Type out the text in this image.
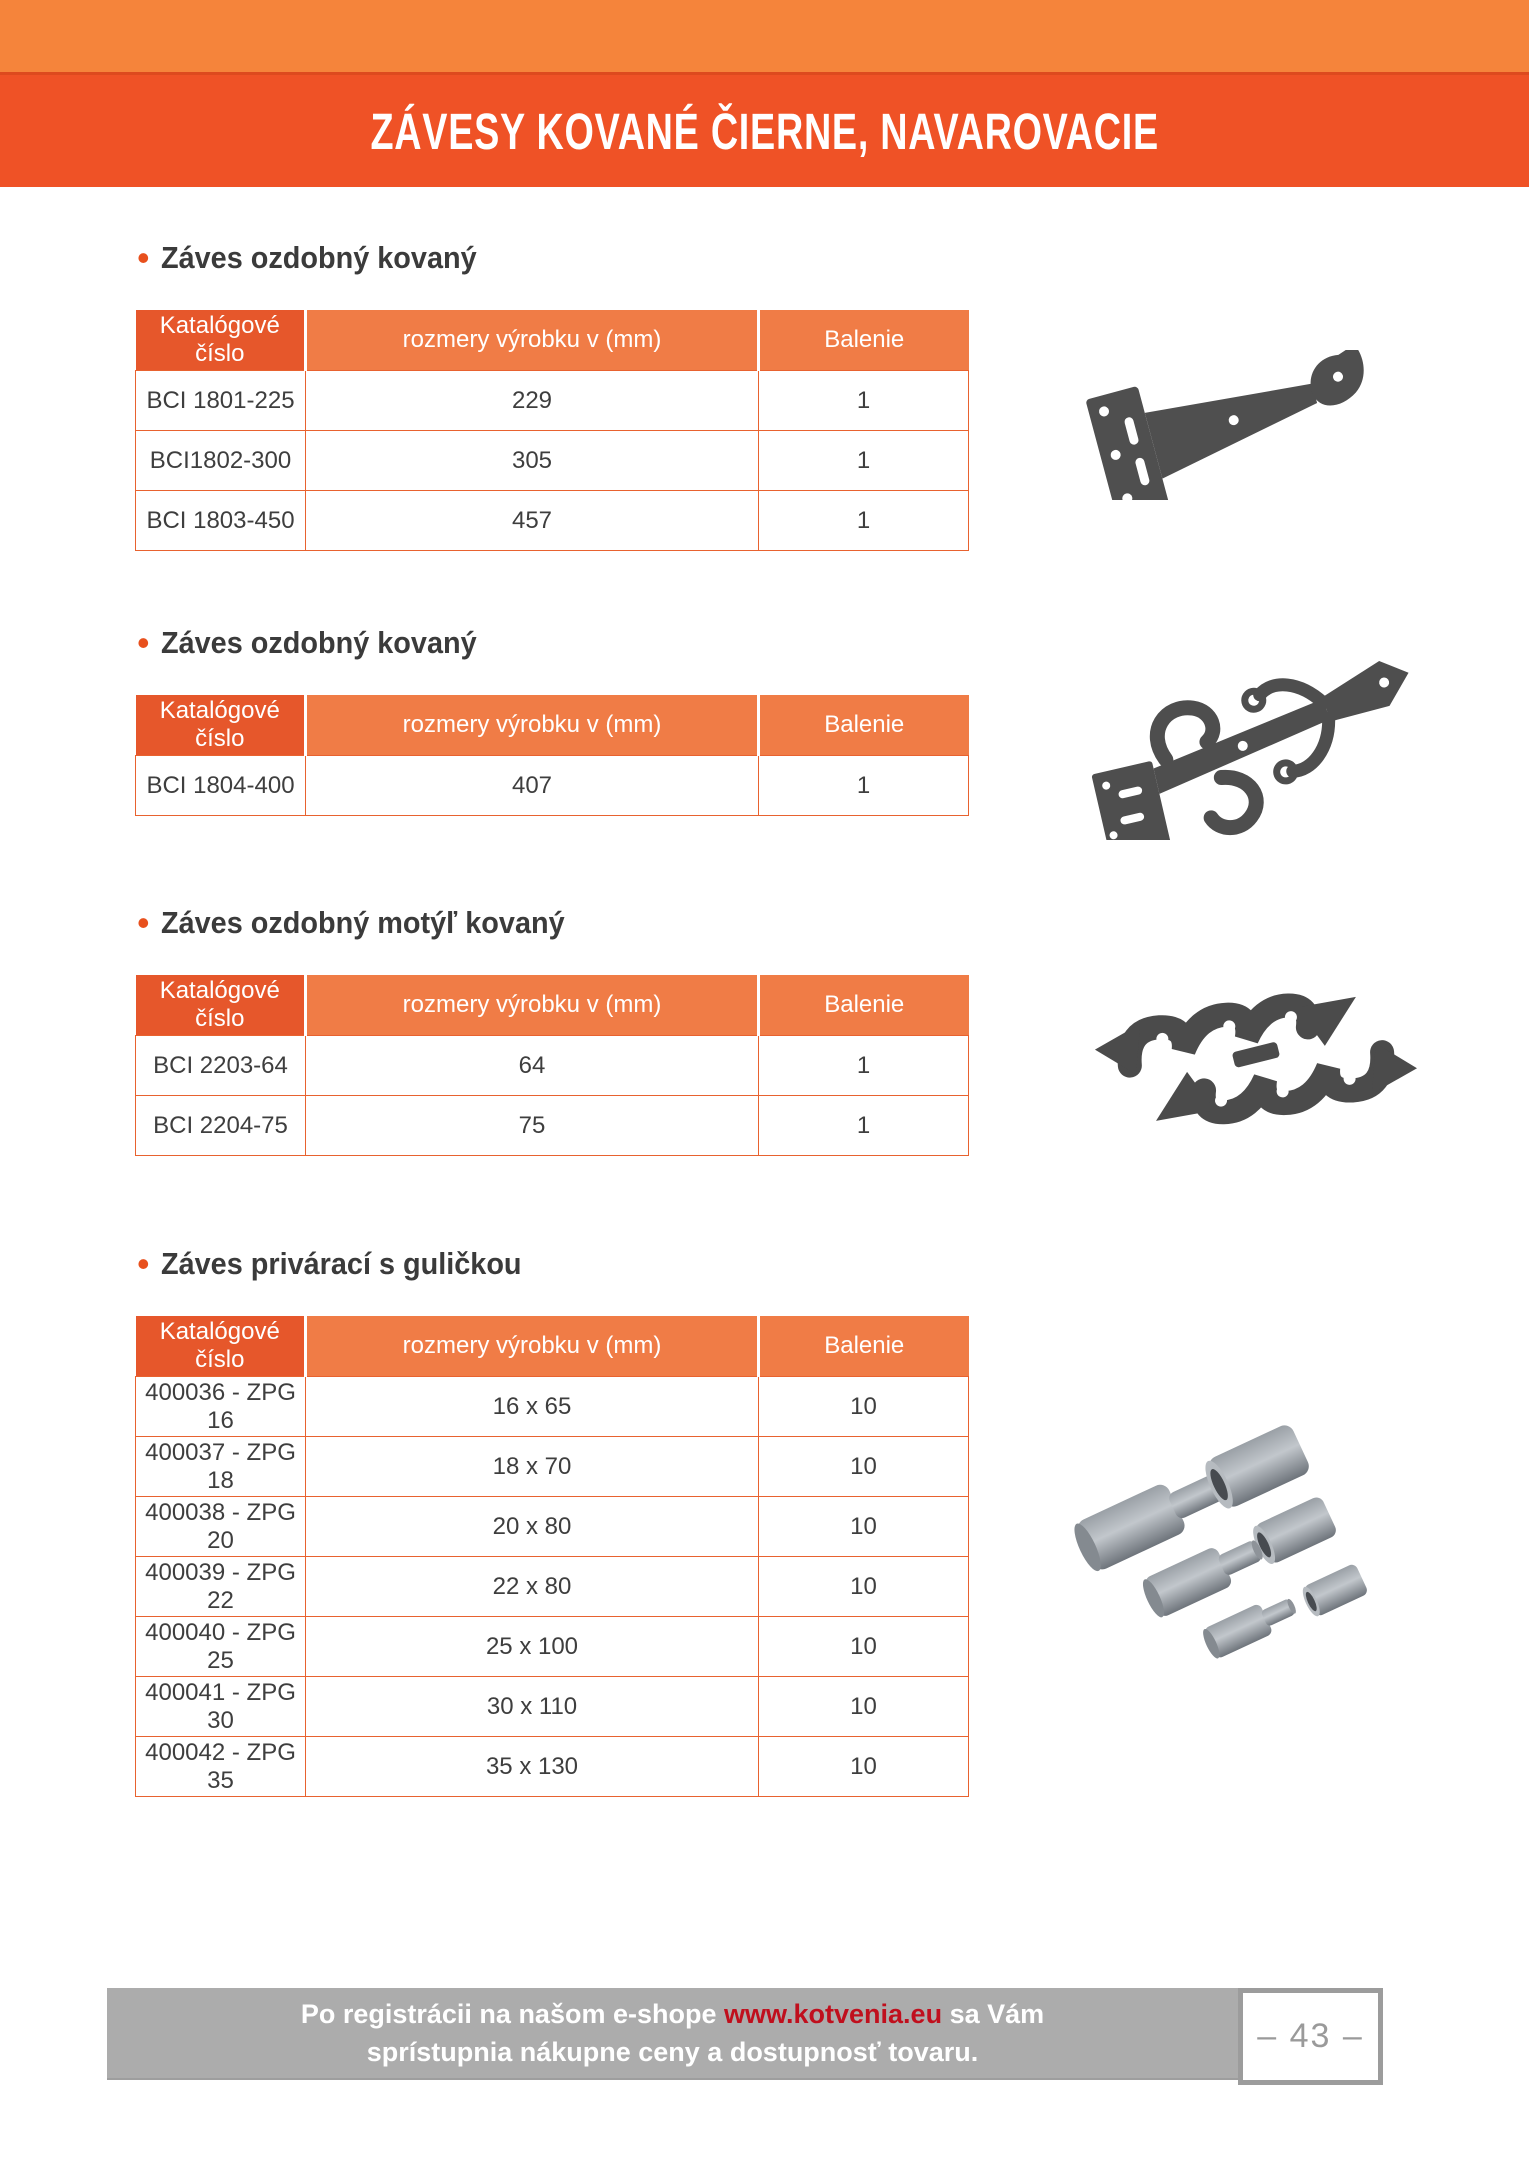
ZÁVESY KOVANÉ ČIERNE, NAVAROVACIE
• Záves ozdobný kovaný
Katalógové číslo	rozmery výrobku v (mm)	Balenie
BCI 1801-225	229	1
BCI1802-300	305	1
BCI 1803-450	457	1
• Záves ozdobný kovaný
Katalógové číslo	rozmery výrobku v (mm)	Balenie
BCI 1804-400	407	1
• Záves ozdobný motýľ kovaný
Katalógové číslo	rozmery výrobku v (mm)	Balenie
BCI 2203-64	64	1
BCI 2204-75	75	1
• Záves privárací s guličkou
Katalógové číslo	rozmery výrobku v (mm)	Balenie
400036 - ZPG 16	16 x 65	10
400037 - ZPG 18	18 x 70	10
400038 - ZPG 20	20 x 80	10
400039 - ZPG 22	22 x 80	10
400040 - ZPG 25	25 x 100	10
400041 - ZPG 30	30 x 110	10
400042 - ZPG 35	35 x 130	10
Po registrácii na našom e-shope www.kotvenia.eu sa Vám
sprístupnia nákupne ceny a dostupnosť tovaru.	– 43 –
